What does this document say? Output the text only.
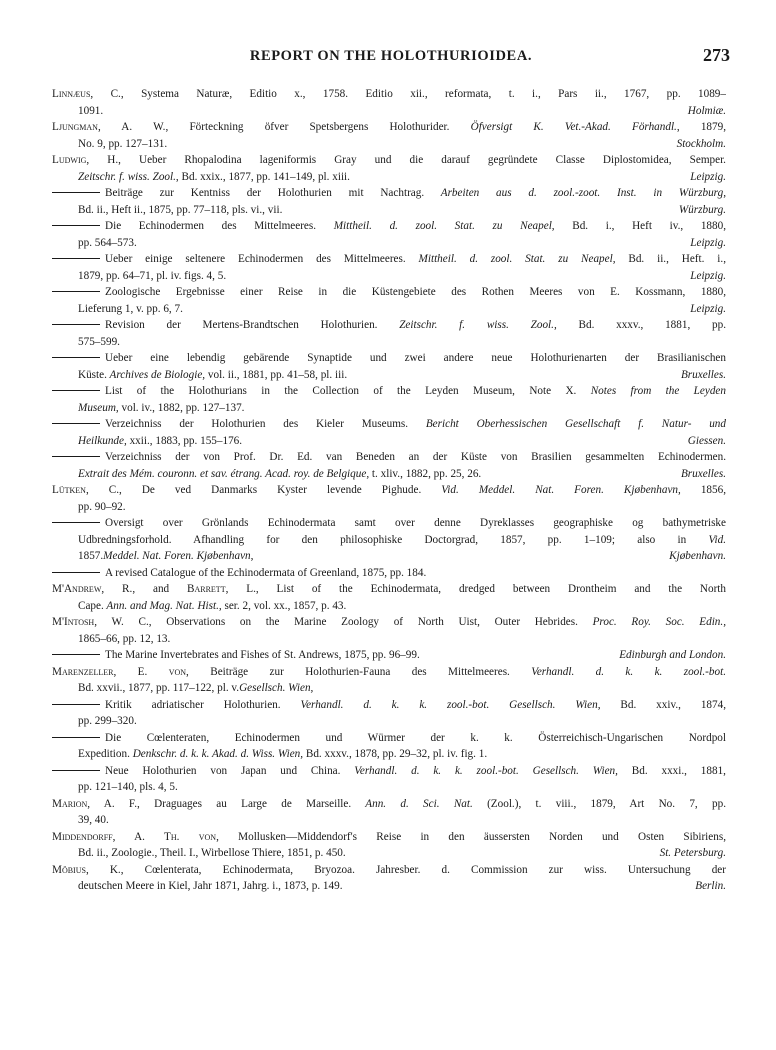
REPORT ON THE HOLOTHURIOIDEA.	273
Linnæus, C., Systema Naturæ, Editio x., 1758. Editio xii., reformata, t. i., Pars ii., 1767, pp. 1089–
1091.	Holmiæ.
Ljungman, A. W., Förteckning öfver Spetsbergens Holothurider. Öfversigt K. Vet.-Akad. Förhandl., 1879,
No. 9, pp. 127–131.	Stockholm.
Ludwig, H., Ueber Rhopalodina lageniformis Gray und die darauf gegründete Classe Diplostomidea, Semper.
Zeitschr. f. wiss. Zool., Bd. xxix., 1877, pp. 141–149, pl. xiii.	Leipzig.
Beiträge zur Kentniss der Holothurien mit Nachtrag. Arbeiten aus d. zool.-zoot. Inst. in Würzburg,
Bd. ii., Heft ii., 1875, pp. 77–118, pls. vi., vii.	Würzburg.
Die Echinodermen des Mittelmeeres. Mittheil. d. zool. Stat. zu Neapel, Bd. i., Heft iv., 1880,
pp. 564–573.	Leipzig.
Ueber einige seltenere Echinodermen des Mittelmeeres. Mittheil. d. zool. Stat. zu Neapel, Bd. ii., Heft. i.,
1879, pp. 64–71, pl. iv. figs. 4, 5.	Leipzig.
Zoologische Ergebnisse einer Reise in die Küstengebiete des Rothen Meeres von E. Kossmann, 1880,
Lieferung 1, v. pp. 6, 7.	Leipzig.
Revision der Mertens-Brandtschen Holothurien. Zeitschr. f. wiss. Zool., Bd. xxxv., 1881, pp.
575–599.
Ueber eine lebendig gebärende Synaptide und zwei andere neue Holothurienarten der Brasilianischen
Küste. Archives de Biologie, vol. ii., 1881, pp. 41–58, pl. iii.	Bruxelles.
List of the Holothurians in the Collection of the Leyden Museum, Note X. Notes from the Leyden
Museum, vol. iv., 1882, pp. 127–137.
Verzeichniss der Holothurien des Kieler Museums. Bericht Oberhessischen Gesellschaft f. Natur- und
Heilkunde, xxii., 1883, pp. 155–176.	Giessen.
Verzeichniss der von Prof. Dr. Ed. van Beneden an der Küste von Brasilien gesammelten Echinodermen.
Extrait des Mém. couronn. et sav. étrang. Acad. roy. de Belgique, t. xliv., 1882, pp. 25, 26.	Bruxelles.
Lütken, C., De ved Danmarks Kyster levende Pighude. Vid. Meddel. Nat. Foren. Kjøbenhavn, 1856,
pp. 90–92.
Oversigt over Grönlands Echinodermata samt over denne Dyreklasses geographiske og bathymetriske
Udbredningsforhold. Afhandling for den philosophiske Doctorgrad, 1857, pp. 1–109; also in Vid.
1857.Meddel. Nat. Foren. Kjøbenhavn,	Kjøbenhavn.
A revised Catalogue of the Echinodermata of Greenland, 1875, pp. 184.
M'Andrew, R., and Barrett, L., List of the Echinodermata, dredged between Drontheim and the North
Cape. Ann. and Mag. Nat. Hist., ser. 2, vol. xx., 1857, p. 43.
M'Intosh, W. C., Observations on the Marine Zoology of North Uist, Outer Hebrides. Proc. Roy. Soc. Edin.,
1865–66, pp. 12, 13.
The Marine Invertebrates and Fishes of St. Andrews, 1875, pp. 96–99.	Edinburgh and London.
Marenzeller, E. von, Beiträge zur Holothurien-Fauna des Mittelmeeres. Verhandl. d. k. k. zool.-bot.
Bd. xxvii., 1877, pp. 117–122, pl. v.Gesellsch. Wien,
Kritik adriatischer Holothurien. Verhandl. d. k. k. zool.-bot. Gesellsch. Wien, Bd. xxiv., 1874,
pp. 299–320.
Die Cœlenteraten, Echinodermen und Würmer der k. k. Österreichisch-Ungarischen Nordpol
Expedition. Denkschr. d. k. k. Akad. d. Wiss. Wien, Bd. xxxv., 1878, pp. 29–32, pl. iv. fig. 1.
Neue Holothurien von Japan und China. Verhandl. d. k. k. zool.-bot. Gesellsch. Wien, Bd. xxxi., 1881,
pp. 121–140, pls. 4, 5.
Marion, A. F., Draguages au Large de Marseille. Ann. d. Sci. Nat. (Zool.), t. viii., 1879, Art No. 7, pp.
39, 40.
Middendorff, A. Th. von, Mollusken—Middendorf's Reise in den äussersten Norden und Osten Sibiriens,
Bd. ii., Zoologie., Theil. I., Wirbellose Thiere, 1851, p. 450.	St. Petersburg.
Möbius, K., Cœlenterata, Echinodermata, Bryozoa. Jahresber. d. Commission zur wiss. Untersuchung der
deutschen Meere in Kiel, Jahr 1871, Jahrg. i., 1873, p. 149.	Berlin.
